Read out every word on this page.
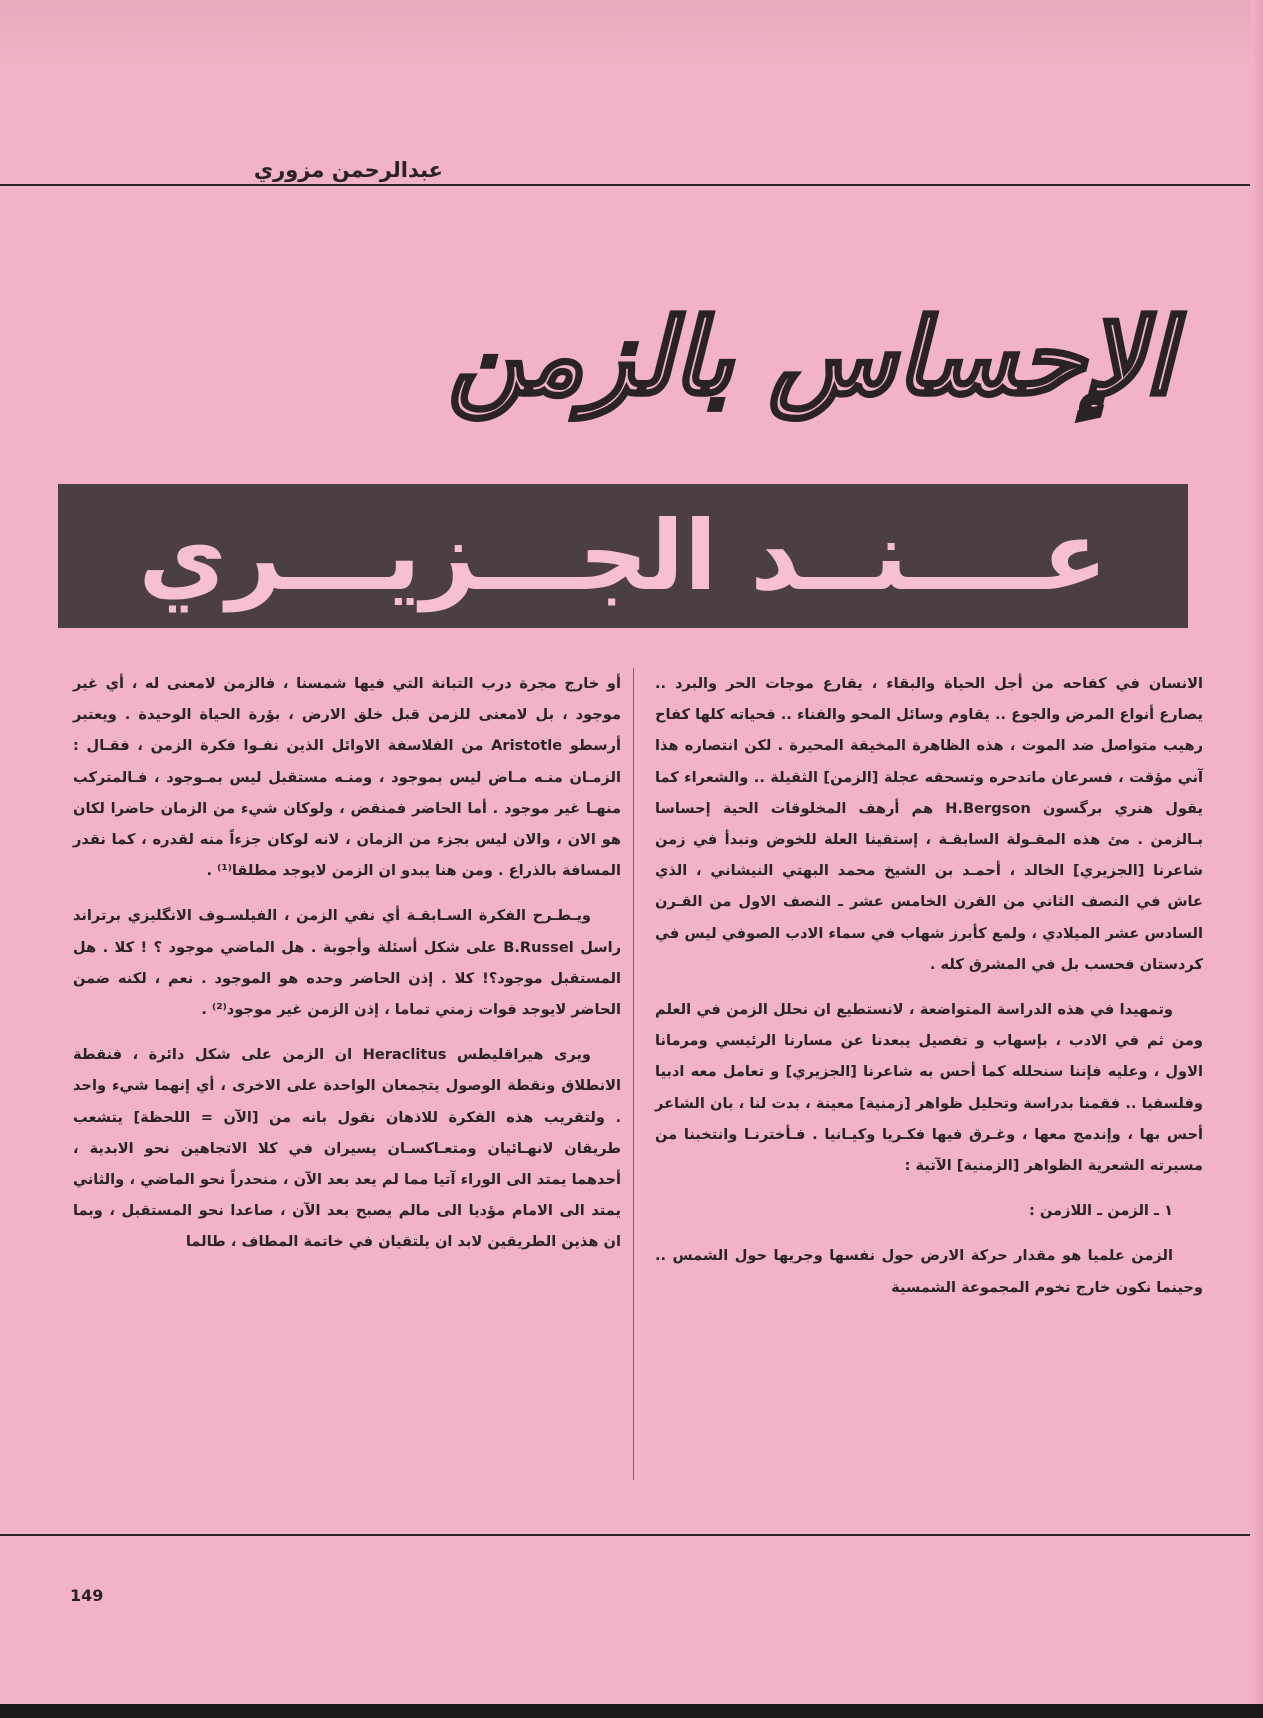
عبدالرحمن مزوري
الإحساس بالزمن
عــــنــد الجـــزيـــري

الانسان في كفاحه من أجل الحياة والبقاء ، يقارع موجات الحر والبرد .. يصارع أنواع المرض والجوع .. يقاوم وسائل المحو والفناء .. فحياته كلها كفاح رهيب متواصل ضد الموت ، هذه الظاهرة المخيفة المحيرة . لكن انتصاره هذا آني مؤقت ، فسرعان ماتدحره وتسحقه عجلة [الزمن] الثقيلة .. والشعراء كما يقول هنري برگسون H.Bergson هم أرهف المخلوقات الحية إحساسا بـالزمن . مئ هذه المقـولة السابقـة ، إستقينا العلة للخوض ونبدأ في زمن شاعرنا [الجزيري] الخالد ، أحمـد بن الشيخ محمد البهتي النيشاني ، الذي عاش في النصف الثاني من القرن الخامس عشر ـ النصف الاول من القـرن السادس عشر الميلادي ، ولمع كأبرز شهاب في سماء الادب الصوفي ليس في كردستان فحسب بل في المشرق كله .

وتمهيدا في هذه الدراسة المتواضعة ، لانستطيع ان نحلل الزمن في العلم ومن ثم في الادب ، بإسهاب و تفصيل يبعدنا عن مسارنا الرئيسي ومرمانا الاول ، وعليه فإننا سنحلله كما أحس به شاعرنا [الجزيري] و تعامل معه ادبيا وفلسفيا .. فقمنا بدراسة وتحليل ظواهر [زمنية] معينة ، بدت لنا ، بان الشاعر أحس بها ، وإندمج معها ، وغـرق فيها فكـريا وكيـانيا . فـأخترنـا وانتخبنا من مسيرته الشعرية الظواهر [الزمنية] الآتية :

١ ـ الزمن ـ اللازمن :

الزمن علميا هو مقدار حركة الارض حول نفسها وجريها حول الشمس .. وحينما نكون خارج تخوم المجموعة الشمسية

أو خارج مجرة درب التبانة التي فيها شمسنا ، فالزمن لامعنى له ، أي غير موجود ، بل لامعنى للزمن قبل خلق الارض ، بؤرة الحياة الوحيدة . ويعتبر أرسطو Aristotle من الفلاسفة الاوائل الذين نفـوا فكرة الزمن ، فقـال : الزمـان منـه مـاض ليس بموجود ، ومنـه مستقبل ليس بمـوجود ، فـالمتركب منهـا غير موجود . أما الحاضر فمنقض ، ولوكان شيء من الزمان حاضرا لكان هو الان ، والان ليس بجزء من الزمان ، لانه لوكان جزءاً منه لقدره ، كما نقدر المسافة بالذراع . ومن هنا يبدو ان الزمن لايوجد مطلقا⁽¹⁾ .

ويـطـرح الفكرة السـابقـة أي نفي الزمن ، الفيلسـوف الانگليزي برتراند راسل B.Russel على شكل أسئلة وأجوبة . هل الماضي موجود ؟ ! كلا . هل المستقبل موجود؟! كلا . إذن الحاضر وحده هو الموجود . نعم ، لكنه ضمن الحاضر لايوجد فوات زمني تماما ، إذن الزمن غير موجود⁽²⁾ .

ويرى هيراقليطس Heraclitus ان الزمن على شكل دائرة ، فنقطة الانطلاق ونقطة الوصول يتجمعان الواحدة على الاخرى ، أي إنهما شيء واحد . ولتقريب هذه الفكرة للاذهان نقول بانه من [الآن = اللحظة] يتشعب طريقان لانهـائيان ومتعـاكسـان يسيران في كلا الاتجاهين نحو الابدية ، أحدهما يمتد الى الوراء آتيا مما لم يعد بعد الآن ، منحدراً نحو الماضي ، والثاني يمتد الى الامام مؤديا الى مالم يصبح بعد الآن ، صاعدا نحو المستقبل ، وبما ان هذين الطريقين لابد ان يلتقيان في خاتمة المطاف ، طالما

149
